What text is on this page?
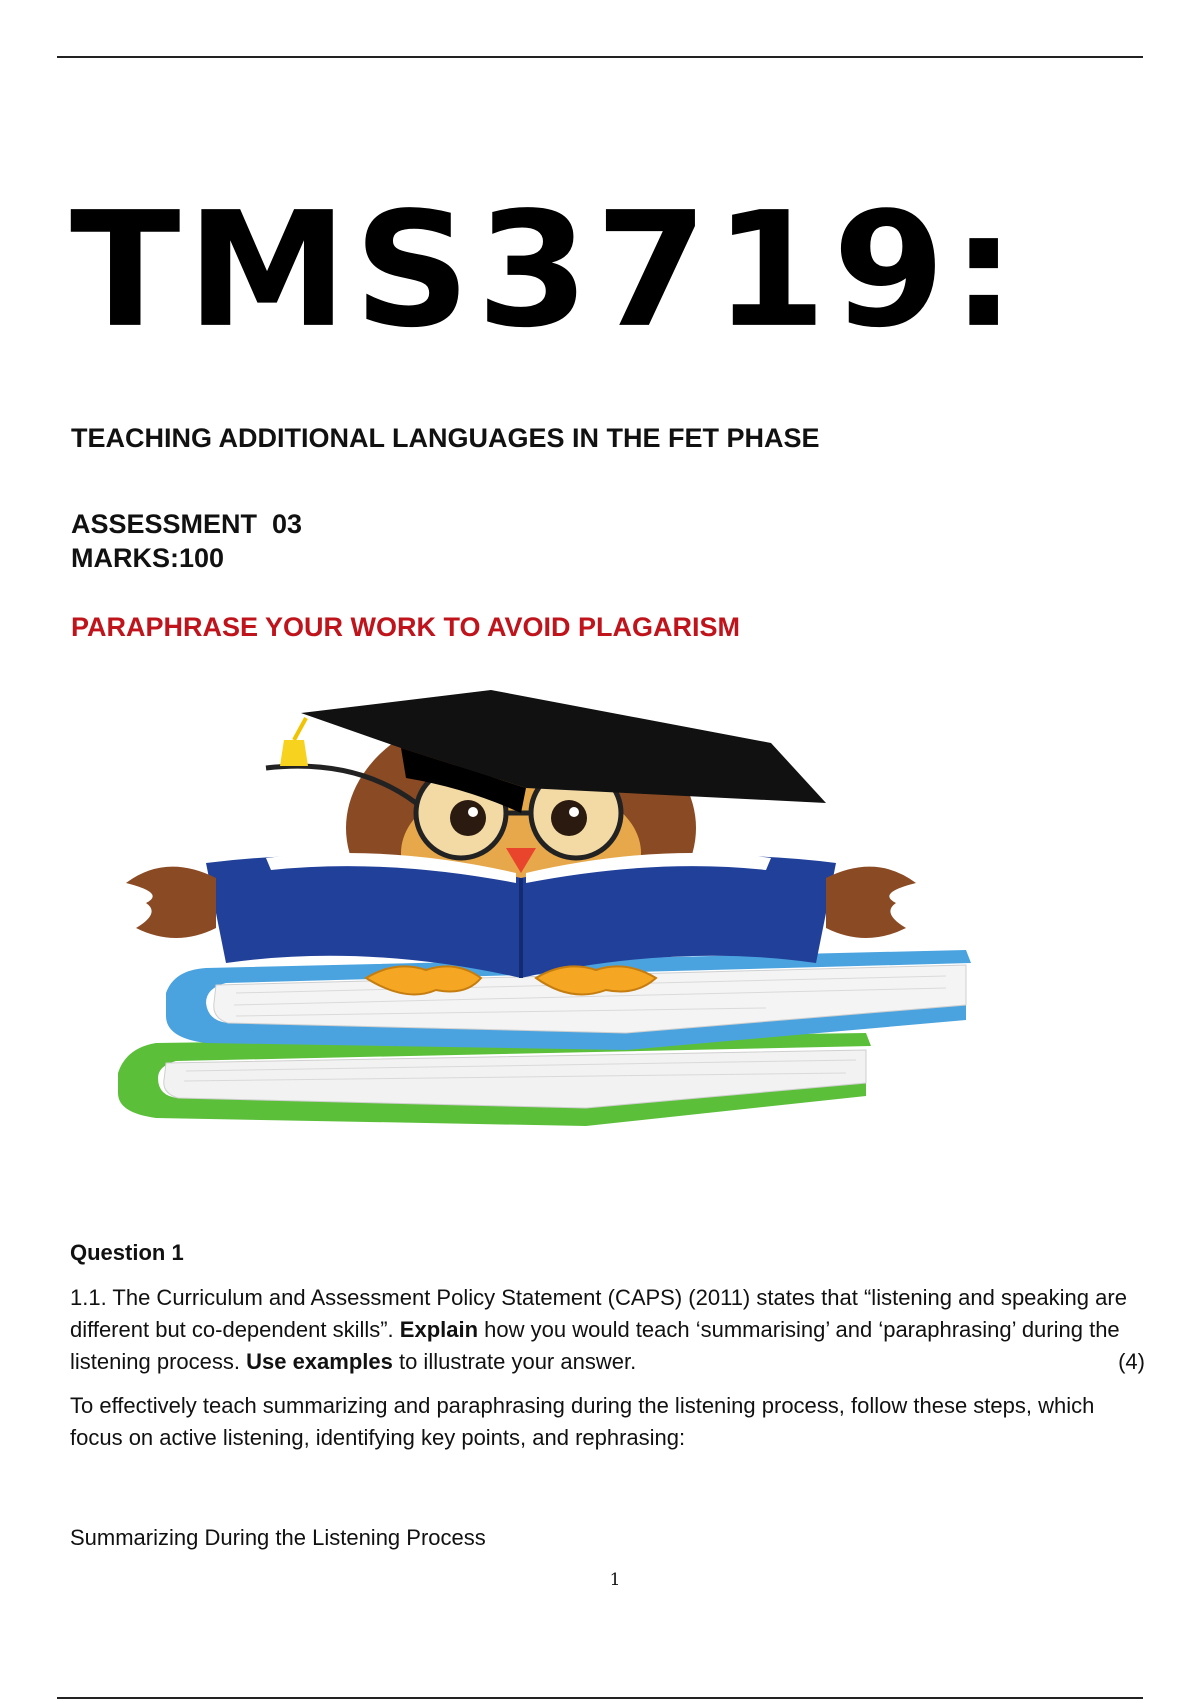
TMS3719:
TEACHING ADDITIONAL LANGUAGES IN THE FET PHASE
ASSESSMENT  03
MARKS:100
PARAPHRASE YOUR WORK TO AVOID PLAGARISM
Question 1
1.1. The Curriculum and Assessment Policy Statement (CAPS) (2011) states that “listening and speaking are different but co-dependent skills”. Explain how you would teach ‘summarising’ and ‘paraphrasing’ during the listening process. Use examples to illustrate your answer.	(4)
To effectively teach summarizing and paraphrasing during the listening process, follow these steps, which focus on active listening, identifying key points, and rephrasing:
Summarizing During the Listening Process
1
